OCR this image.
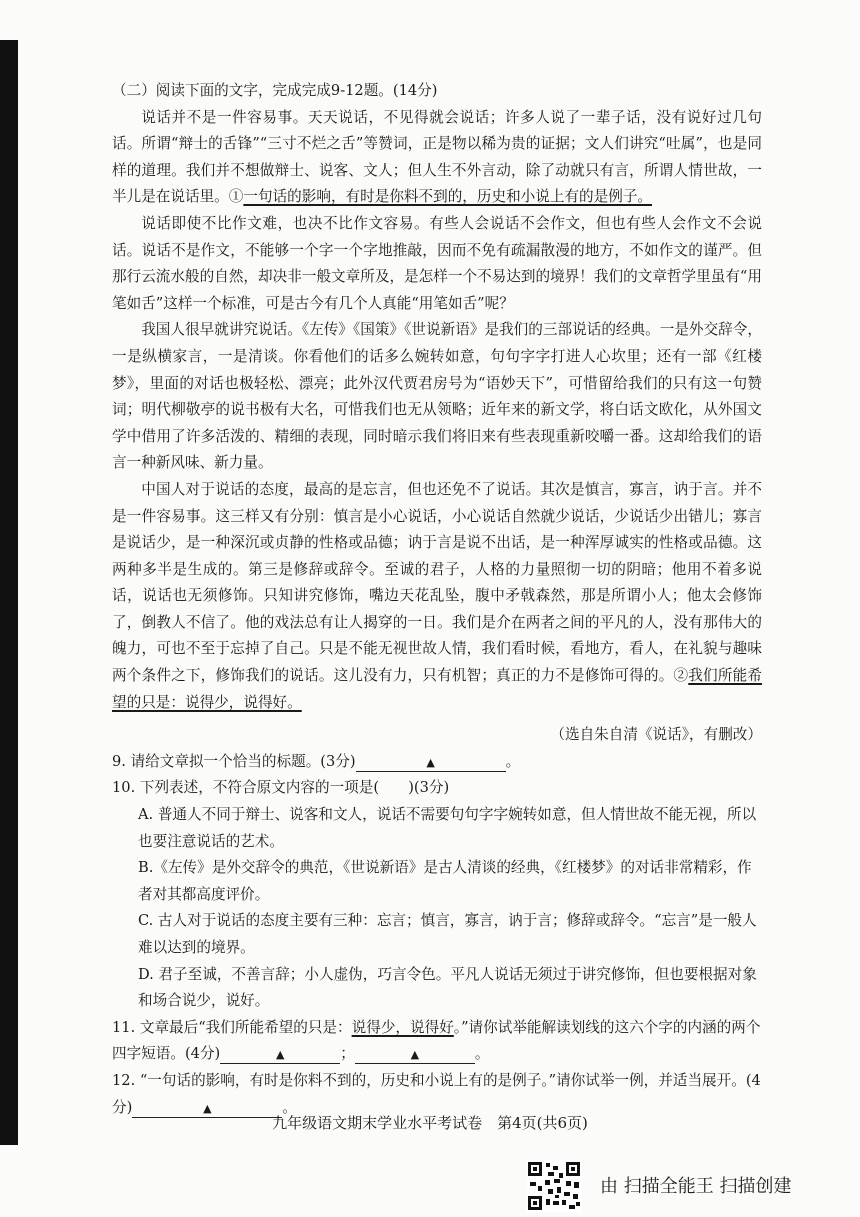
（二）阅读下面的文字，完成完成9-12题。(14分)

说话并不是一件容易事。天天说话，不见得就会说话；许多人说了一辈子话，没有说好过几句话。所谓“辩士的舌锋”“三寸不烂之舌”等赞词，正是物以稀为贵的证据；文人们讲究“吐属”，也是同样的道理。我们并不想做辩士、说客、文人；但人生不外言动，除了动就只有言，所谓人情世故，一半儿是在说话里。①一句话的影响，有时是你料不到的，历史和小说上有的是例子。

说话即使不比作文难，也决不比作文容易。有些人会说话不会作文，但也有些人会作文不会说话。说话不是作文，不能够一个字一个字地推敲，因而不免有疏漏散漫的地方，不如作文的谨严。但那行云流水般的自然，却决非一般文章所及，是怎样一个不易达到的境界！我们的文章哲学里虽有“用笔如舌”这样一个标准，可是古今有几个人真能“用笔如舌”呢？

我国人很早就讲究说话。《左传》《国策》《世说新语》是我们的三部说话的经典。一是外交辞令，一是纵横家言，一是清谈。你看他们的话多么婉转如意，句句字字打进人心坎里；还有一部《红楼梦》，里面的对话也极轻松、漂亮；此外汉代贾君房号为“语妙天下”，可惜留给我们的只有这一句赞词；明代柳敬亭的说书极有大名，可惜我们也无从领略；近年来的新文学，将白话文欧化，从外国文学中借用了许多活泼的、精细的表现，同时暗示我们将旧来有些表现重新咬嚼一番。这却给我们的语言一种新风味、新力量。

中国人对于说话的态度，最高的是忘言，但也还免不了说话。其次是慎言，寡言，讷于言。并不是一件容易事。这三样又有分别：慎言是小心说话，小心说话自然就少说话，少说话少出错儿；寡言是说话少，是一种深沉或贞静的性格或品德；讷于言是说不出话，是一种浑厚诚实的性格或品德。这两种多半是生成的。第三是修辞或辞令。至诚的君子，人格的力量照彻一切的阴暗；他用不着多说话，说话也无须修饰。只知讲究修饰，嘴边天花乱坠，腹中矛戟森然，那是所谓小人；他太会修饰了，倒教人不信了。他的戏法总有让人揭穿的一日。我们是介在两者之间的平凡的人，没有那伟大的魄力，可也不至于忘掉了自己。只是不能无视世故人情，我们看时候，看地方，看人，在礼貌与趣味两个条件之下，修饰我们的说话。这儿没有力，只有机智；真正的力不是修饰可得的。②我们所能希望的只是：说得少，说得好。

（选自朱自清《说话》，有删改）

9. 请给文章拟一个恰当的标题。(3分)	▲	。

10. 下列表述，不符合原文内容的一项是(　　)(3分)

A. 普通人不同于辩士、说客和文人，说话不需要句句字字婉转如意，但人情世故不能无视，所以也要注意说话的艺术。

B.《左传》是外交辞令的典范，《世说新语》是古人清谈的经典，《红楼梦》的对话非常精彩，作者对其都高度评价。

C. 古人对于说话的态度主要有三种：忘言；慎言，寡言，讷于言；修辞或辞令。“忘言”是一般人难以达到的境界。

D. 君子至诚，不善言辞；小人虚伪，巧言令色。平凡人说话无须过于讲究修饰，但也要根据对象和场合说少，说好。

11. 文章最后“我们所能希望的只是：说得少，说得好。”请你试举能解读划线的这六个字的内涵的两个四字短语。(4分)	▲	；	▲	。

12. “一句话的影响，有时是你料不到的，历史和小说上有的是例子。”请你试举一例，并适当展开。(4分)	▲	。

九年级语文期末学业水平考试卷　第4页(共6页)
由 扫描全能王 扫描创建
